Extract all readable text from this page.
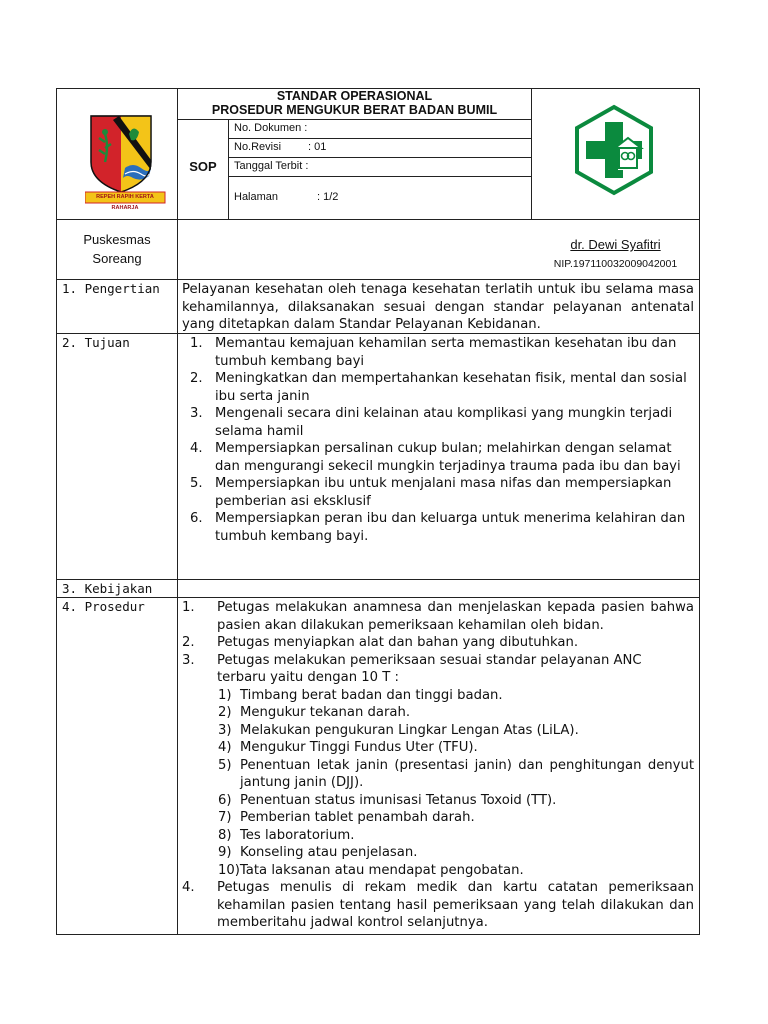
STANDAR OPERASIONAL
PROSEDUR MENGUKUR BERAT BADAN BUMIL
REPEH RAPIH KERTA RAHARJA
SOP
No. Dokumen :
No.Revisi : 01
Tanggal Terbit :
Halaman	: 1/2
Puskesmas
Soreang
dr. Dewi Syafitri
NIP.197110032009042001
1. Pengertian
2. Tujuan
3. Kebijakan
4. Prosedur
Pelayanan kesehatan oleh tenaga kesehatan terlatih untuk ibu selama masa kehamilannya, dilaksanakan sesuai dengan standar pelayanan antenatal yang ditetapkan dalam Standar Pelayanan Kebidanan.
1. Memantau kemajuan kehamilan serta memastikan kesehatan ibu dan tumbuh kembang bayi
2. Meningkatkan dan mempertahankan kesehatan fisik, mental dan sosial ibu serta janin
3. Mengenali secara dini kelainan atau komplikasi yang mungkin terjadi selama hamil
4. Mempersiapkan persalinan cukup bulan; melahirkan dengan selamat dan mengurangi sekecil mungkin terjadinya trauma pada ibu dan bayi
5. Mempersiapkan ibu untuk menjalani masa nifas dan mempersiapkan pemberian asi eksklusif
6. Mempersiapkan peran ibu dan keluarga untuk menerima kelahiran dan tumbuh kembang bayi.
1. Petugas melakukan anamnesa dan menjelaskan kepada pasien bahwa pasien akan dilakukan pemeriksaan kehamilan oleh bidan.
2. Petugas menyiapkan alat dan bahan yang dibutuhkan.
3. Petugas melakukan pemeriksaan sesuai standar pelayanan ANC terbaru yaitu dengan 10 T :
1) Timbang berat badan dan tinggi badan.
2) Mengukur tekanan darah.
3) Melakukan pengukuran Lingkar Lengan Atas (LiLA).
4) Mengukur Tinggi Fundus Uter (TFU).
5) Penentuan letak janin (presentasi janin) dan penghitungan denyut jantung janin (DJJ).
6) Penentuan status imunisasi Tetanus Toxoid (TT).
7) Pemberian tablet penambah darah.
8) Tes laboratorium.
9) Konseling atau penjelasan.
10)Tata laksanan atau mendapat pengobatan.
4. Petugas menulis di rekam medik dan kartu catatan pemeriksaan kehamilan pasien tentang hasil pemeriksaan yang telah dilakukan dan memberitahu jadwal kontrol selanjutnya.
